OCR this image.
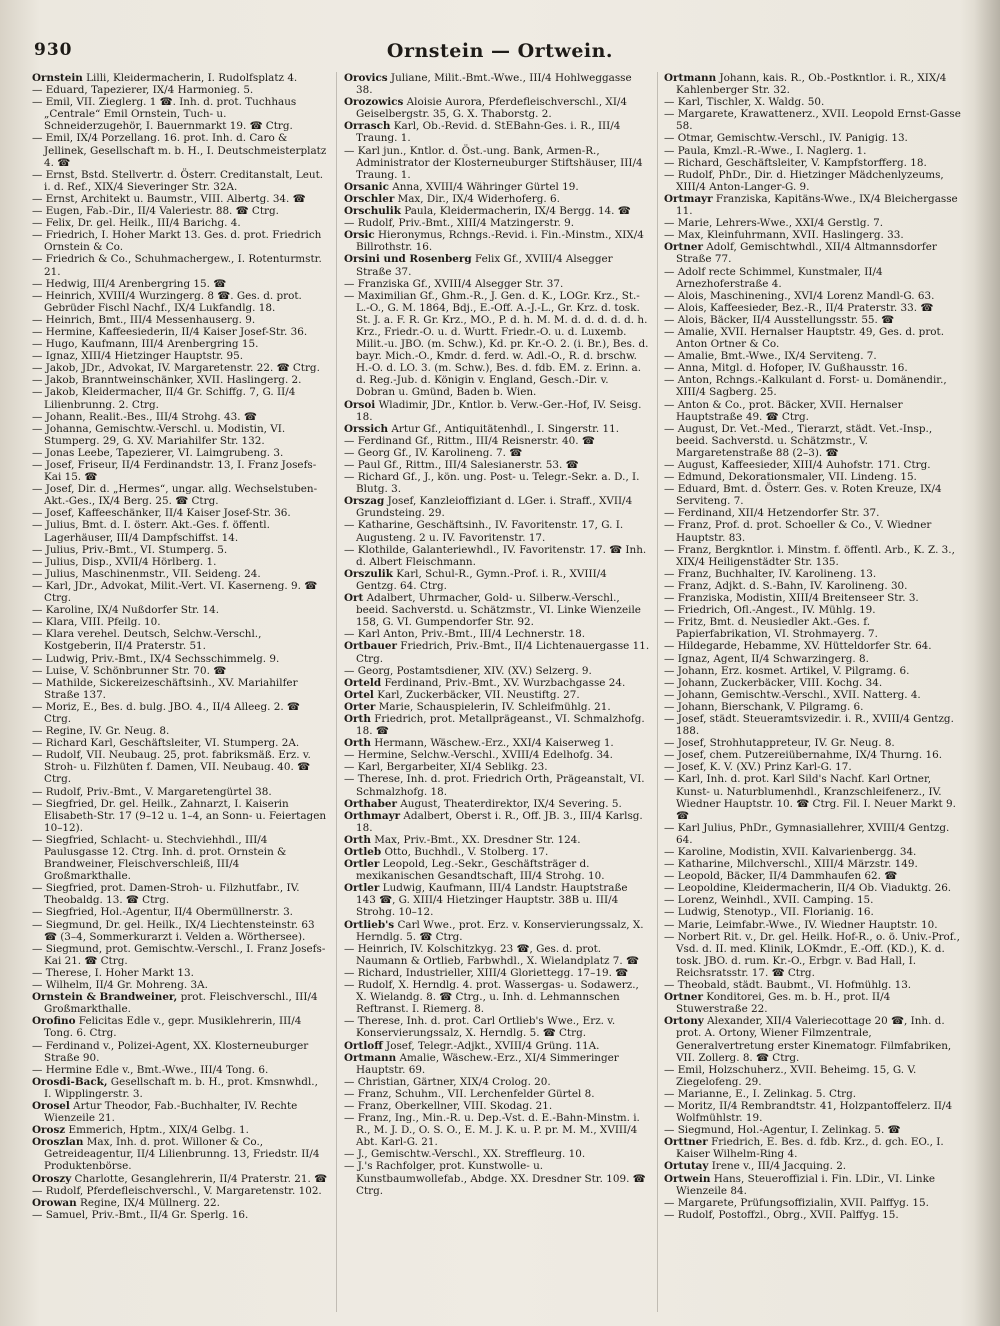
930	Ornstein — Ortwein.

Ornstein Lilli, Kleidermacherin, I. Rudolfsplatz 4.

— Eduard, Tapezierer, IX/4 Harmonieg. 5.

— Emil, VII. Zieglerg. 1 ☎. Inh. d. prot. Tuchhaus „Centrale“ Emil Ornstein, Tuch- u. Schneiderzugehör, I. Bauernmarkt 19. ☎ Ctrg.

— Emil, IX/4 Porzellang. 16. prot. Inh. d. Caro & Jellinek, Gesellschaft m. b. H., I. Deutschmeisterplatz 4. ☎

— Ernst, Bstd. Stellvertr. d. Österr. Creditanstalt, Leut. i. d. Ref., XIX/4 Sieveringer Str. 32A.

— Ernst, Architekt u. Baumstr., VIII. Albertg. 34. ☎

— Eugen, Fab.-Dir., II/4 Valeriestr. 88. ☎ Ctrg.

— Felix, Dr. gel. Heilk., III/4 Barichg. 4.

— Friedrich, I. Hoher Markt 13. Ges. d. prot. Friedrich Ornstein & Co.

— Friedrich & Co., Schuhmachergew., I. Rotenturmstr. 21.

— Hedwig, III/4 Arenbergring 15. ☎

— Heinrich, XVIII/4 Wurzingerg. 8 ☎. Ges. d. prot. Gebrüder Fischl Nachf., IX/4 Lukfandlg. 18.

— Heinrich, Bmt., III/4 Messenhauserg. 9.

— Hermine, Kaffeesiederin, II/4 Kaiser Josef-Str. 36.

— Hugo, Kaufmann, III/4 Arenbergring 15.

— Ignaz, XIII/4 Hietzinger Hauptstr. 95.

— Jakob, JDr., Advokat, IV. Margaretenstr. 22. ☎ Ctrg.

— Jakob, Branntweinschänker, XVII. Haslingerg. 2.

— Jakob, Kleidermacher, II/4 Gr. Schiffg. 7, G. II/4 Lilienbrunng. 2. Ctrg.

— Johann, Realit.-Bes., III/4 Strohg. 43. ☎

— Johanna, Gemischtw.-Verschl. u. Modistin, VI. Stumperg. 29, G. XV. Mariahilfer Str. 132.

— Jonas Leebe, Tapezierer, VI. Laimgrubeng. 3.

— Josef, Friseur, II/4 Ferdinandstr. 13, I. Franz Josefs-Kai 15. ☎

— Josef, Dir. d. „Hermes“, ungar. allg. Wechselstuben-Akt.-Ges., IX/4 Berg. 25. ☎ Ctrg.

— Josef, Kaffeeschänker, II/4 Kaiser Josef-Str. 36.

— Julius, Bmt. d. I. österr. Akt.-Ges. f. öffentl. Lagerhäuser, III/4 Dampfschiffst. 14.

— Julius, Priv.-Bmt., VI. Stumperg. 5.

— Julius, Disp., XVII/4 Hörlberg. 1.

— Julius, Maschinenmstr., VII. Seideng. 24.

— Karl, JDr., Advokat, Milit.-Vert. VI. Kaserneng. 9. ☎ Ctrg.

— Karoline, IX/4 Nußdorfer Str. 14.

— Klara, VIII. Pfeilg. 10.

— Klara verehel. Deutsch, Selchw.-Verschl., Kostgeberin, II/4 Praterstr. 51.

— Ludwig, Priv.-Bmt., IX/4 Sechsschimmelg. 9.

— Luise, V. Schönbrunner Str. 70. ☎

— Mathilde, Sickereizeschäftsinh., XV. Mariahilfer Straße 137.

— Moriz, E., Bes. d. bulg. JBO. 4., II/4 Alleeg. 2. ☎ Ctrg.

— Regine, IV. Gr. Neug. 8.

— Richard Karl, Geschäftsleiter, VI. Stumperg. 2A.

— Rudolf, VII. Neubaug. 25, prot. fabriksmäß. Erz. v. Stroh- u. Filzhüten f. Damen, VII. Neubaug. 40. ☎ Ctrg.

— Rudolf, Priv.-Bmt., V. Margaretengürtel 38.

— Siegfried, Dr. gel. Heilk., Zahnarzt, I. Kaiserin Elisabeth-Str. 17 (9–12 u. 1–4, an Sonn- u. Feiertagen 10–12).

— Siegfried, Schlacht- u. Stechviehhdl., III/4 Paulusgasse 12. Ctrg. Inh. d. prot. Ornstein & Brandweiner, Fleischverschleiß, III/4 Großmarkthalle.

— Siegfried, prot. Damen-Stroh- u. Filzhutfabr., IV. Theobaldg. 13. ☎ Ctrg.

— Siegfried, Hol.-Agentur, II/4 Obermüllnerstr. 3.

— Siegmund, Dr. gel. Heilk., IX/4 Liechtensteinstr. 63 ☎ (3–4, Sommerkurarzt i. Velden a. Wörthersee).

— Siegmund, prot. Gemischtw.-Verschl., I. Franz Josefs-Kai 21. ☎ Ctrg.

— Therese, I. Hoher Markt 13.

— Wilhelm, II/4 Gr. Mohreng. 3A.

Ornstein & Brandweiner, prot. Fleischverschl., III/4 Großmarkthalle.

Orofino Felicitas Edle v., gepr. Musiklehrerin, III/4 Tong. 6. Ctrg.

— Ferdinand v., Polizei-Agent, XX. Klosterneuburger Straße 90.

— Hermine Edle v., Bmt.-Wwe., III/4 Tong. 6.

Orosdi-Back, Gesellschaft m. b. H., prot. Kmsnwhdl., I. Wipplingerstr. 3.

Orosel Artur Theodor, Fab.-Buchhalter, IV. Rechte Wienzeile 21.

Orosz Emmerich, Hptm., XIX/4 Gelbg. 1.

Oroszlan Max, Inh. d. prot. Willoner & Co., Getreideagentur, II/4 Lilienbrunng. 13, Friedstr. II/4 Produktenbörse.

Oroszy Charlotte, Gesanglehrerin, II/4 Praterstr. 21. ☎

— Rudolf, Pferdefleischverschl., V. Margaretenstr. 102.

Orowan Regine, IX/4 Müllnerg. 22.

— Samuel, Priv.-Bmt., II/4 Gr. Sperlg. 16.

Orovics Juliane, Milit.-Bmt.-Wwe., III/4 Hohlweggasse 38.

Orozowics Aloisie Aurora, Pferdefleischverschl., XI/4 Geiselbergstr. 35, G. X. Thaborstg. 2.

Orrasch Karl, Ob.-Revid. d. StEBahn-Ges. i. R., III/4 Traung. 1.

— Karl jun., Kntlor. d. Öst.-ung. Bank, Armen-R., Administrator der Klosterneuburger Stiftshäuser, III/4 Traung. 1.

Orsanic Anna, XVIII/4 Währinger Gürtel 19.

Orschler Max, Dir., IX/4 Widerhoferg. 6.

Orschulik Paula, Kleidermacherin, IX/4 Bergg. 14. ☎

— Rudolf, Priv.-Bmt., XIII/4 Matzingerstr. 9.

Orsic Hieronymus, Rchngs.-Revid. i. Fin.-Minstm., XIX/4 Billrothstr. 16.

Orsini und Rosenberg Felix Gf., XVIII/4 Alsegger Straße 37.

— Franziska Gf., XVIII/4 Alsegger Str. 37.

— Maximilian Gf., Ghm.-R., J. Gen. d. K., LOGr. Krz., St.-L.-O., G. M. 1864, Bdj., E.-Off. A.-J.-L., Gr. Krz. d. tosk. St. J. a. F. R. Gr. Krz., MO., P. d. h. M. M. d. d. d. d. d. h. Krz., Friedr.-O. u. d. Wurtt. Friedr.-O. u. d. Luxemb. Milit.-u. JBO. (m. Schw.), Kd. pr. Kr.-O. 2. (i. Br.), Bes. d. bayr. Mich.-O., Kmdr. d. ferd. w. Adl.-O., R. d. brschw. H.-O. d. LO. 3. (m. Schw.), Bes. d. fdb. EM. z. Erinn. a. d. Reg.-Jub. d. Königin v. England, Gesch.-Dir. v. Dobran u. Gmünd, Baden b. Wien.

Orsoi Wladimir, JDr., Kntlor. b. Verw.-Ger.-Hof, IV. Seisg. 18.

Orssich Artur Gf., Antiquitätenhdl., I. Singerstr. 11.

— Ferdinand Gf., Rittm., III/4 Reisnerstr. 40. ☎

— Georg Gf., IV. Karolineng. 7. ☎

— Paul Gf., Rittm., III/4 Salesianerstr. 53. ☎

— Richard Gf., J., kön. ung. Post- u. Telegr.-Sekr. a. D., I. Blutg. 3.

Orszag Josef, Kanzleioffiziant d. LGer. i. Straff., XVII/4 Grundsteing. 29.

— Katharine, Geschäftsinh., IV. Favoritenstr. 17, G. I. Augusteng. 2 u. IV. Favoritenstr. 17.

— Klothilde, Galanteriewhdl., IV. Favoritenstr. 17. ☎ Inh. d. Albert Fleischmann.

Orszulik Karl, Schul-R., Gymn.-Prof. i. R., XVIII/4 Gentzg. 64. Ctrg.

Ort Adalbert, Uhrmacher, Gold- u. Silberw.-Verschl., beeid. Sachverstd. u. Schätzmstr., VI. Linke Wienzeile 158, G. VI. Gumpendorfer Str. 92.

— Karl Anton, Priv.-Bmt., III/4 Lechnerstr. 18.

Ortbauer Friedrich, Priv.-Bmt., II/4 Lichtenauergasse 11. Ctrg.

— Georg, Postamtsdiener, XIV. (XV.) Selzerg. 9.

Orteld Ferdinand, Priv.-Bmt., XV. Wurzbachgasse 24.

Ortel Karl, Zuckerbäcker, VII. Neustiftg. 27.

Orter Marie, Schauspielerin, IV. Schleifmühlg. 21.

Orth Friedrich, prot. Metallprägeanst., VI. Schmalzhofg. 18. ☎

Orth Hermann, Wäschew.-Erz., XXI/4 Kaiserweg 1.

— Hermine, Selchw.-Verschl., XVIII/4 Edelhofg. 34.

— Karl, Bergarbeiter, XI/4 Seblikg. 23.

— Therese, Inh. d. prot. Friedrich Orth, Prägeanstalt, VI. Schmalzhofg. 18.

Orthaber August, Theaterdirektor, IX/4 Severing. 5.

Orthmayr Adalbert, Oberst i. R., Off. JB. 3., III/4 Karlsg. 18.

Orth Max, Priv.-Bmt., XX. Dresdner Str. 124.

Ortleb Otto, Buchhdl., V. Stolberg. 17.

Ortler Leopold, Leg.-Sekr., Geschäftsträger d. mexikanischen Gesandtschaft, III/4 Strohg. 10.

Ortler Ludwig, Kaufmann, III/4 Landstr. Hauptstraße 143 ☎, G. XIII/4 Hietzinger Hauptstr. 38B u. III/4 Strohg. 10–12.

Ortlieb's Carl Wwe., prot. Erz. v. Konservierungssalz, X. Herndlg. 5. ☎ Ctrg.

— Heinrich, IV. Kolschitzkyg. 23 ☎, Ges. d. prot. Naumann & Ortlieb, Farbwhdl., X. Wielandplatz 7. ☎

— Richard, Industrieller, XIII/4 Gloriettegg. 17–19. ☎

— Rudolf, X. Herndlg. 4. prot. Wassergas- u. Sodawerz., X. Wielandg. 8. ☎ Ctrg., u. Inh. d. Lehmannschen Reftranst. I. Riemerg. 8.

— Therese, Inh. d. prot. Carl Ortlieb's Wwe., Erz. v. Konservierungssalz, X. Herndlg. 5. ☎ Ctrg.

Ortloff Josef, Telegr.-Adjkt., XVIII/4 Grüng. 11A.

Ortmann Amalie, Wäschew.-Erz., XI/4 Simmeringer Hauptstr. 69.

— Christian, Gärtner, XIX/4 Crolog. 20.

— Franz, Schuhm., VII. Lerchenfelder Gürtel 8.

— Franz, Oberkellner, VIII. Skodag. 21.

— Franz, Ing., Min.-R. u. Dep.-Vst. d. E.-Bahn-Minstm. i. R., M. J. D., O. S. O., E. M. J. K. u. P. pr. M. M., XVIII/4 Abt. Karl-G. 21.

— J., Gemischtw.-Verschl., XX. Streffleurg. 10.

— J.'s Rachfolger, prot. Kunstwolle- u. Kunstbaumwollefab., Abdge. XX. Dresdner Str. 109. ☎ Ctrg.

Ortmann Johann, kais. R., Ob.-Postkntlor. i. R., XIX/4 Kahlenberger Str. 32.

— Karl, Tischler, X. Waldg. 50.

— Margarete, Krawattenerz., XVII. Leopold Ernst-Gasse 58.

— Otmar, Gemischtw.-Verschl., IV. Panigig. 13.

— Paula, Kmzl.-R.-Wwe., I. Naglerg. 1.

— Richard, Geschäftsleiter, V. Kampfstorfferg. 18.

— Rudolf, PhDr., Dir. d. Hietzinger Mädchenlyzeums, XIII/4 Anton-Langer-G. 9.

Ortmayr Franziska, Kapitäns-Wwe., IX/4 Bleichergasse 11.

— Marie, Lehrers-Wwe., XXI/4 Gerstlg. 7.

— Max, Kleinfuhrmann, XVII. Haslingerg. 33.

Ortner Adolf, Gemischtwhdl., XII/4 Altmannsdorfer Straße 77.

— Adolf recte Schimmel, Kunstmaler, II/4 Arnezhoferstraße 4.

— Alois, Maschinening., XVI/4 Lorenz Mandl-G. 63.

— Alois, Kaffeesieder, Bez.-R., II/4 Praterstr. 33. ☎

— Alois, Bäcker, II/4 Ausstellungsstr. 55. ☎

— Amalie, XVII. Hernalser Hauptstr. 49, Ges. d. prot. Anton Ortner & Co.

— Amalie, Bmt.-Wwe., IX/4 Serviteng. 7.

— Anna, Mitgl. d. Hofoper, IV. Gußhausstr. 16.

— Anton, Rchngs.-Kalkulant d. Forst- u. Domänendir., XIII/4 Sagberg. 25.

— Anton & Co., prot. Bäcker, XVII. Hernalser Hauptstraße 49. ☎ Ctrg.

— August, Dr. Vet.-Med., Tierarzt, städt. Vet.-Insp., beeid. Sachverstd. u. Schätzmstr., V. Margaretenstraße 88 (2–3). ☎

— August, Kaffeesieder, XIII/4 Auhofstr. 171. Ctrg.

— Edmund, Dekorationsmaler, VII. Lindeng. 15.

— Eduard, Bmt. d. Österr. Ges. v. Roten Kreuze, IX/4 Serviteng. 7.

— Ferdinand, XII/4 Hetzendorfer Str. 37.

— Franz, Prof. d. prot. Schoeller & Co., V. Wiedner Hauptstr. 83.

— Franz, Bergkntlor. i. Minstm. f. öffentl. Arb., K. Z. 3., XIX/4 Heiligenstädter Str. 135.

— Franz, Buchhalter, IV. Karolineng. 13.

— Franz, Adjkt. d. S.-Bahn, IV. Karolineng. 30.

— Franziska, Modistin, XIII/4 Breitenseer Str. 3.

— Friedrich, Ofl.-Angest., IV. Mühlg. 19.

— Fritz, Bmt. d. Neusiedler Akt.-Ges. f. Papierfabrikation, VI. Strohmayerg. 7.

— Hildegarde, Hebamme, XV. Hütteldorfer Str. 64.

— Ignaz, Agent, II/4 Schwarzingerg. 8.

— Johann, Erz. kosmet. Artikel, V. Pilgramg. 6.

— Johann, Zuckerbäcker, VIII. Kochg. 34.

— Johann, Gemischtw.-Verschl., XVII. Natterg. 4.

— Johann, Bierschank, V. Pilgramg. 6.

— Josef, städt. Steueramtsvizedir. i. R., XVIII/4 Gentzg. 188.

— Josef, Strohhutappreteur, IV. Gr. Neug. 8.

— Josef, chem. Putzereiübernahme, IX/4 Thurng. 16.

— Josef, K. V. (XV.) Prinz Karl-G. 17.

— Karl, Inh. d. prot. Karl Sild's Nachf. Karl Ortner, Kunst- u. Naturblumenhdl., Kranzschleifenerz., IV. Wiedner Hauptstr. 10. ☎ Ctrg. Fil. I. Neuer Markt 9. ☎

— Karl Julius, PhDr., Gymnasiallehrer, XVIII/4 Gentzg. 64.

— Karoline, Modistin, XVII. Kalvarienbergg. 34.

— Katharine, Milchverschl., XIII/4 Märzstr. 149.

— Leopold, Bäcker, II/4 Dammhaufen 62. ☎

— Leopoldine, Kleidermacherin, II/4 Ob. Viaduktg. 26.

— Lorenz, Weinhdl., XVII. Camping. 15.

— Ludwig, Stenotyp., VII. Florianig. 16.

— Marie, Leimfabr.-Wwe., IV. Wiedner Hauptstr. 10.

— Norbert Rit. v., Dr. gel. Heilk. Hof-R., o. ö. Univ.-Prof., Vsd. d. II. med. Klinik, LOKmdr., E.-Off. (KD.), K. d. tosk. JBO. d. rum. Kr.-O., Erbgr. v. Bad Hall, I. Reichsratsstr. 17. ☎ Ctrg.

— Theobald, städt. Baubmt., VI. Hofmühlg. 13.

Ortner Konditorei, Ges. m. b. H., prot. II/4 Stuwerstraße 22.

Ortony Alexander, XII/4 Valeriecottage 20 ☎, Inh. d. prot. A. Ortony, Wiener Filmzentrale, Generalvertretung erster Kinematogr. Filmfabriken, VII. Zollerg. 8. ☎ Ctrg.

— Emil, Holzschuherz., XVII. Beheimg. 15, G. V. Ziegelofeng. 29.

— Marianne, E., I. Zelinkag. 5. Ctrg.

— Moritz, II/4 Rembrandtstr. 41, Holzpantoffelerz. II/4 Wolfmühlstr. 19.

— Siegmund, Hol.-Agentur, I. Zelinkag. 5. ☎

Orttner Friedrich, E. Bes. d. fdb. Krz., d. gch. EO., I. Kaiser Wilhelm-Ring 4.

Ortutay Irene v., III/4 Jacquing. 2.

Ortwein Hans, Steueroffizial i. Fin. LDir., VI. Linke Wienzeile 84.

— Margarete, Prüfungsoffizialin, XVII. Palffyg. 15.

— Rudolf, Postoffzl., Obrg., XVII. Palffyg. 15.
